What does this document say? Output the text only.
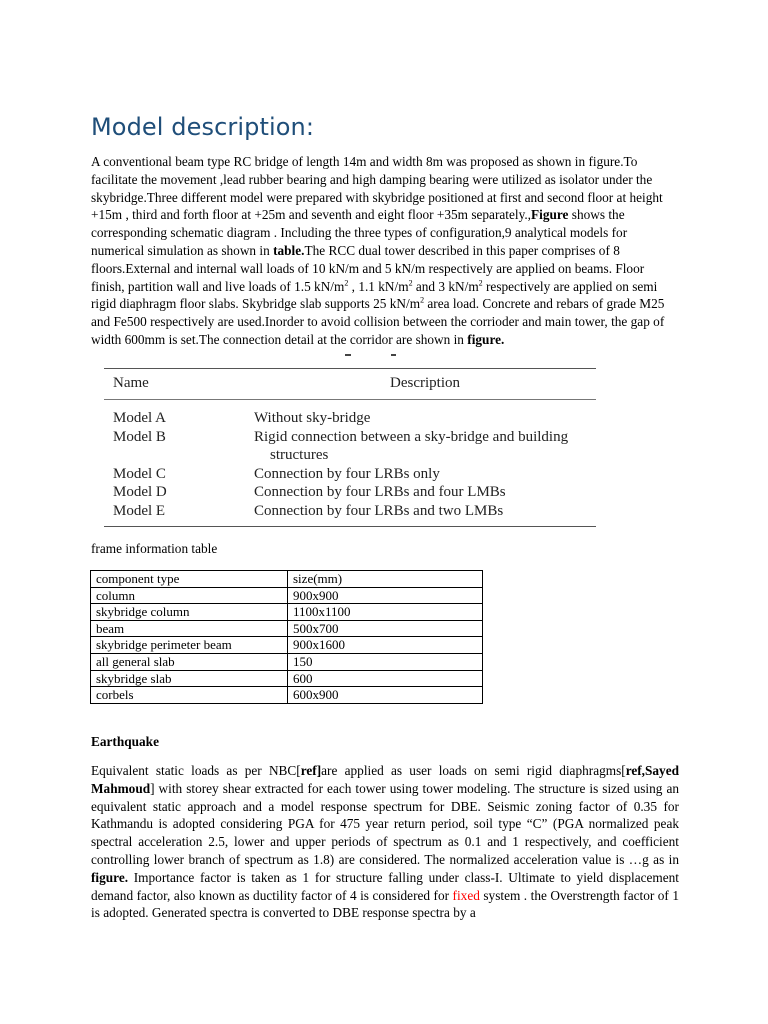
Model description:

A conventional beam type RC bridge of length 14m and width 8m was proposed as shown in figure.To facilitate the movement ,lead rubber bearing and high damping bearing were utilized as isolator under the skybridge.Three different model were prepared with skybridge positioned at first and second floor at height +15m , third and forth floor at +25m and seventh and eight floor +35m separately.,Figure shows the corresponding schematic diagram . Including the three types of configuration,9 analytical models for numerical simulation as shown in table.The RCC dual tower described in this paper comprises of 8 floors.External and internal wall loads of 10 kN/m and 5 kN/m respectively are applied on beams. Floor finish, partition wall and live loads of 1.5 $kN/m^2$ , 1.1 $kN/m^2$ and 3 $kN/m^2$ respectively are applied on semi rigid diaphragm floor slabs. Skybridge slab supports 25 $kN/m^2$ area load. Concrete and rebars of grade M25 and Fe500 respectively are used.Inorder to avoid collision between the corrioder and main tower, the gap of width 600mm is set.The connection detail at the corridor are shown in figure.

Name	Description
Model A	Without sky-bridge
Model B	Rigid connection between a sky-bridge and building
structures

Model C	Connection by four LRBs only
Model D	Connection by four LRBs and four LMBs
Model E	Connection by four LRBs and two LMBs

frame information table

component type	size(mm)
column	900x900
skybridge column	1100x1100
beam	500x700
skybridge perimeter beam	900x1600
all general slab	150
skybridge slab	600
corbels	600x900
Earthquake

Equivalent static loads as per NBC[ref]are applied as user loads on semi rigid diaphragms[ref,Sayed Mahmoud] with storey shear extracted for each tower using tower modeling. The structure is sized using an equivalent static approach and a model response spectrum for DBE. Seismic zoning factor of 0.35 for Kathmandu is adopted considering PGA for 475 year return period, soil type “C” (PGA normalized peak spectral acceleration 2.5, lower and upper periods of spectrum as 0.1 and 1 respectively, and coefficient controlling lower branch of spectrum as 1.8) are considered. The normalized acceleration value is …g as in figure. Importance factor is taken as 1 for structure falling under class-I. Ultimate to yield displacement demand factor, also known as ductility factor of 4 is considered for fixed system . the Overstrength factor of 1 is adopted. Generated spectra is converted to DBE response spectra by a
